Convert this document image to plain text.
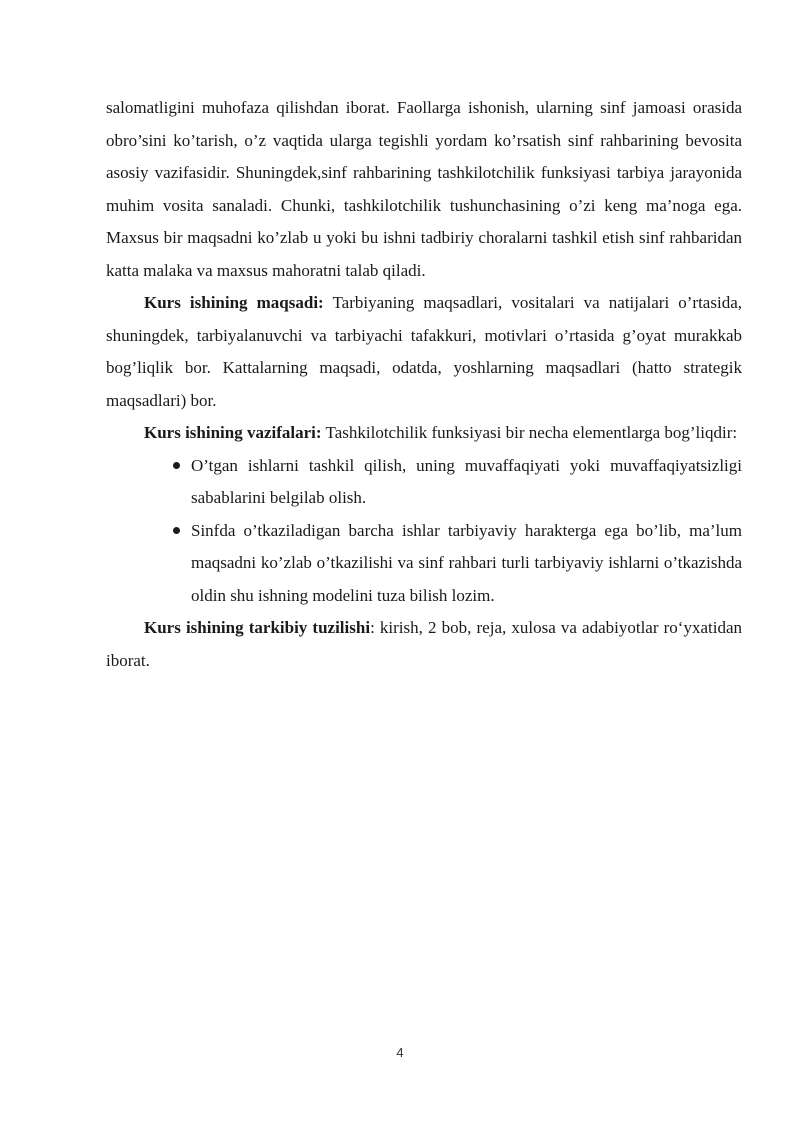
salomatligini muhofaza qilishdan iborat. Faollarga ishonish, ularning sinf jamoasi orasida obro’sini ko’tarish, o’z vaqtida ularga tegishli yordam ko’rsatish sinf rahbarining bevosita asosiy vazifasidir. Shuningdek,sinf rahbarining tashkilotchilik funksiyasi tarbiya jarayonida muhim vosita sanaladi. Chunki, tashkilotchilik tushunchasining o’zi keng ma’noga ega. Maxsus bir maqsadni ko’zlab u yoki bu ishni tadbiriy choralarni tashkil etish sinf rahbaridan katta malaka va maxsus mahoratni talab qiladi.

Kurs ishining maqsadi: Tarbiyaning maqsadlari, vositalari va natijalari o’rtasida, shuningdek, tarbiyalanuvchi va tarbiyachi tafakkuri, motivlari o’rtasida g’oyat murakkab bog’liqlik bor. Kattalarning maqsadi, odatda, yoshlarning maqsadlari (hatto strategik maqsadlari) bor.

Kurs ishining vazifalari: Tashkilotchilik funksiyasi bir necha elementlarga bog’liqdir:

O’tgan ishlarni tashkil qilish, uning muvaffaqiyati yoki muvaffaqiyatsizligi sabablarini belgilab olish.
Sinfda o’tkaziladigan barcha ishlar tarbiyaviy harakterga ega bo’lib, ma’lum maqsadni ko’zlab o’tkazilishi va sinf rahbari turli tarbiyaviy ishlarni o’tkazishda oldin shu ishning modelini tuza bilish lozim.

Kurs ishining tarkibiy tuzilishi: kirish, 2 bob, reja, xulosa va adabiyotlar ro‘yxatidan iborat.

4
